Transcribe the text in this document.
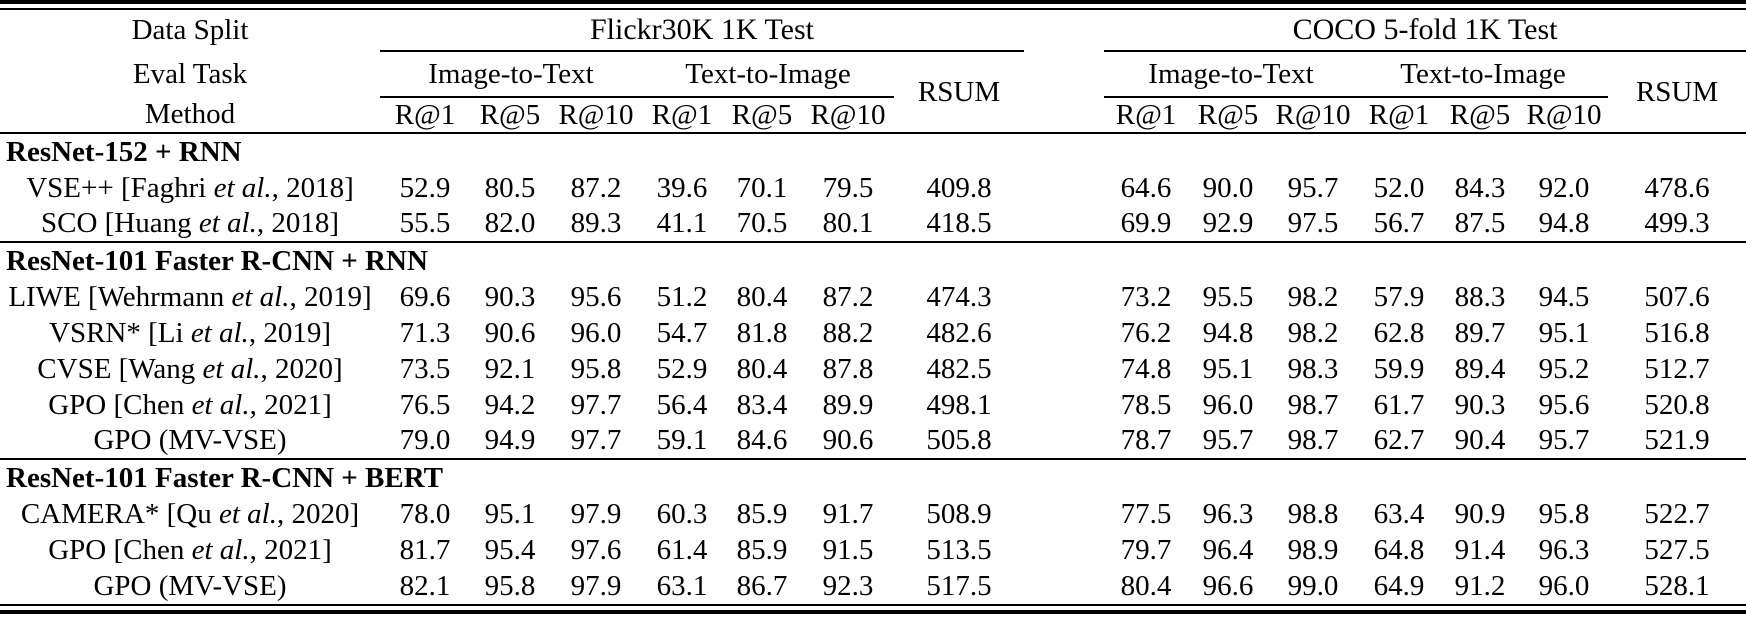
Data Split	Flickr30K 1K Test								COCO 5-fold 1K Test						
Eval Task	Image-to-Text			Text-to-Image			RSUM		Image-to-Text			Text-to-Image			RSUM
Method	R@1	R@5	R@10	R@1	R@5	R@10			R@1	R@5	R@10	R@1	R@5	R@10	
ResNet-152 + RNN															
VSE++ [Faghri et al., 2018]	52.9	80.5	87.2	39.6	70.1	79.5	409.8		64.6	90.0	95.7	52.0	84.3	92.0	478.6
SCO [Huang et al., 2018]	55.5	82.0	89.3	41.1	70.5	80.1	418.5		69.9	92.9	97.5	56.7	87.5	94.8	499.3
ResNet-101 Faster R-CNN + RNN															
LIWE [Wehrmann et al., 2019]	69.6	90.3	95.6	51.2	80.4	87.2	474.3		73.2	95.5	98.2	57.9	88.3	94.5	507.6
VSRN* [Li et al., 2019]	71.3	90.6	96.0	54.7	81.8	88.2	482.6		76.2	94.8	98.2	62.8	89.7	95.1	516.8
CVSE [Wang et al., 2020]	73.5	92.1	95.8	52.9	80.4	87.8	482.5		74.8	95.1	98.3	59.9	89.4	95.2	512.7
GPO [Chen et al., 2021]	76.5	94.2	97.7	56.4	83.4	89.9	498.1		78.5	96.0	98.7	61.7	90.3	95.6	520.8
GPO (MV-VSE)	79.0	94.9	97.7	59.1	84.6	90.6	505.8		78.7	95.7	98.7	62.7	90.4	95.7	521.9
ResNet-101 Faster R-CNN + BERT															
CAMERA* [Qu et al., 2020]	78.0	95.1	97.9	60.3	85.9	91.7	508.9		77.5	96.3	98.8	63.4	90.9	95.8	522.7
GPO [Chen et al., 2021]	81.7	95.4	97.6	61.4	85.9	91.5	513.5		79.7	96.4	98.9	64.8	91.4	96.3	527.5
GPO (MV-VSE)	82.1	95.8	97.9	63.1	86.7	92.3	517.5		80.4	96.6	99.0	64.9	91.2	96.0	528.1
